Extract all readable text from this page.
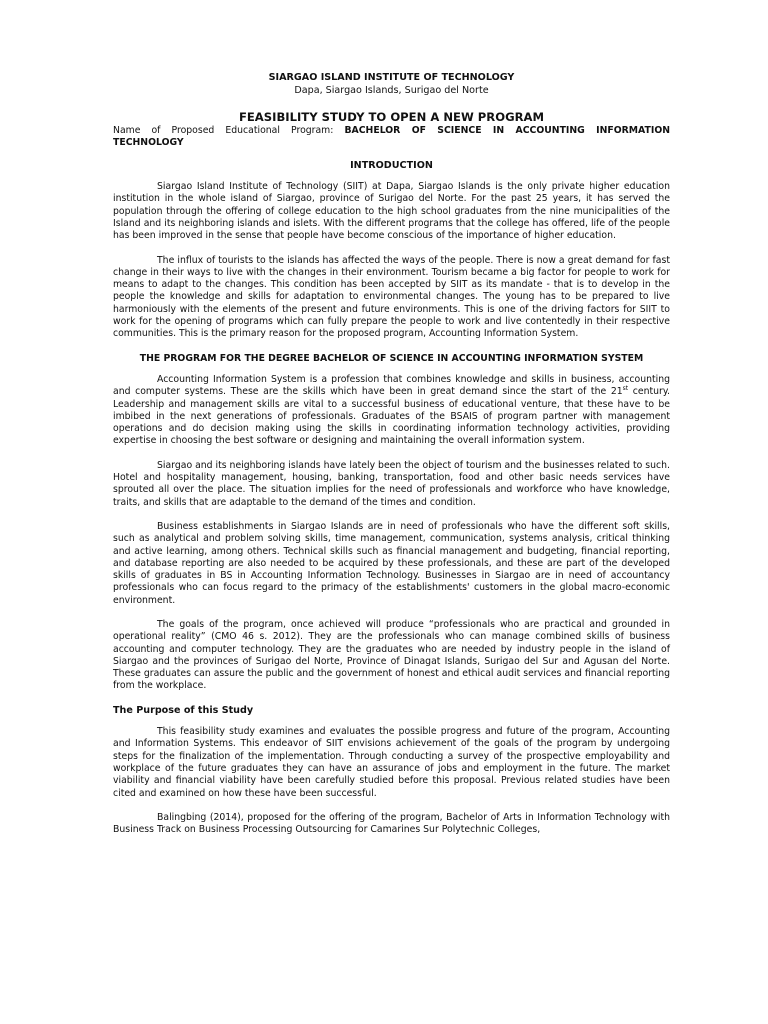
SIARGAO ISLAND INSTITUTE OF TECHNOLOGY

Dapa, Siargao Islands, Surigao del Norte

FEASIBILITY STUDY TO OPEN A NEW PROGRAM

Name of Proposed Educational Program: BACHELOR OF SCIENCE IN ACCOUNTING INFORMATION

TECHNOLOGY

INTRODUCTION

Siargao Island Institute of Technology (SIIT) at Dapa, Siargao Islands is the only private higher education institution in the whole island of Siargao, province of Surigao del Norte. For the past 25 years, it has served the population through the offering of college education to the high school graduates from the nine municipalities of the Island and its neighboring islands and islets. With the different programs that the college has offered, life of the people has been improved in the sense that people have become conscious of the importance of higher education.

The influx of tourists to the islands has affected the ways of the people. There is now a great demand for fast change in their ways to live with the changes in their environment. Tourism became a big factor for people to work for means to adapt to the changes. This condition has been accepted by SIIT as its mandate - that is to develop in the people the knowledge and skills for adaptation to environmental changes. The young has to be prepared to live harmoniously with the elements of the present and future environments. This is one of the driving factors for SIIT to work for the opening of programs which can fully prepare the people to work and live contentedly in their respective communities. This is the primary reason for the proposed program, Accounting Information System.

THE PROGRAM FOR THE DEGREE BACHELOR OF SCIENCE IN ACCOUNTING INFORMATION SYSTEM

Accounting Information System is a profession that combines knowledge and skills in business, accounting and computer systems. These are the skills which have been in great demand since the start of the 21st century. Leadership and management skills are vital to a successful business of educational venture, that these have to be imbibed in the next generations of professionals. Graduates of the BSAIS of program partner with management operations and do decision making using the skills in coordinating information technology activities, providing expertise in choosing the best software or designing and maintaining the overall information system.

Siargao and its neighboring islands have lately been the object of tourism and the businesses related to such. Hotel and hospitality management, housing, banking, transportation, food and other basic needs services have sprouted all over the place. The situation implies for the need of professionals and workforce who have knowledge, traits, and skills that are adaptable to the demand of the times and condition.

Business establishments in Siargao Islands are in need of professionals who have the different soft skills, such as analytical and problem solving skills, time management, communication, systems analysis, critical thinking and active learning, among others. Technical skills such as financial management and budgeting, financial reporting, and database reporting are also needed to be acquired by these professionals, and these are part of the developed skills of graduates in BS in Accounting Information Technology. Businesses in Siargao are in need of accountancy professionals who can focus regard to the primacy of the establishments' customers in the global macro-economic environment.

The goals of the program, once achieved will produce “professionals who are practical and grounded in operational reality” (CMO 46 s. 2012). They are the professionals who can manage combined skills of business accounting and computer technology. They are the graduates who are needed by industry people in the island of Siargao and the provinces of Surigao del Norte, Province of Dinagat Islands, Surigao del Sur and Agusan del Norte. These graduates can assure the public and the government of honest and ethical audit services and financial reporting from the workplace.

The Purpose of this Study

This feasibility study examines and evaluates the possible progress and future of the program, Accounting and Information Systems. This endeavor of SIIT envisions achievement of the goals of the program by undergoing steps for the finalization of the implementation. Through conducting a survey of the prospective employability and workplace of the future graduates they can have an assurance of jobs and employment in the future. The market viability and financial viability have been carefully studied before this proposal. Previous related studies have been cited and examined on how these have been successful.

Balingbing (2014), proposed for the offering of the program, Bachelor of Arts in Information Technology with Business Track on Business Processing Outsourcing for Camarines Sur Polytechnic Colleges,
